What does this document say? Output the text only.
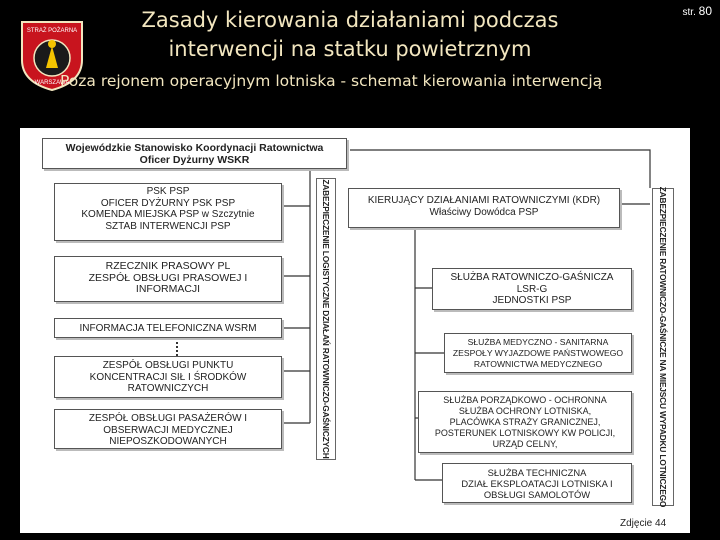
STRAŻ POŻARNA
WARSZAWA
Zasady kierowania działaniami podczas
interwencji na statku powietrznym
Poza rejonem operacyjnym lotniska - schemat kierowania interwencją
str. 80
Wojewódzkie Stanowisko Koordynacji Ratownictwa
Oficer Dyżurny WSKR
PSK PSP
OFICER DYŻURNY PSK PSP
KOMENDA MIEJSKA PSP w Szczytnie
SZTAB INTERWENCJI PSP
RZECZNIK PRASOWY PL
ZESPÓŁ OBSŁUGI PRASOWEJ I
INFORMACJI
INFORMACJA TELEFONICZNA WSRM
ZESPÓŁ OBSŁUGI PUNKTU
KONCENTRACJI SIŁ I ŚRODKÓW
RATOWNICZYCH
ZESPÓŁ OBSŁUGI PASAŻERÓW I
OBSERWACJI MEDYCZNEJ
NIEPOSZKODOWANYCH	ZABEZPIECZENIE LOGISTYCZNE DZIAŁAŃ RATOWNICZO-GAŚNICZYCH	KIERUJĄCY DZIAŁANIAMI RATOWNICZYMI (KDR)
Właściwy Dowódca PSP
SŁUŻBA RATOWNICZO-GAŚNICZA
LSR-G
JEDNOSTKI PSP
SŁUŻBA MEDYCZNO - SANITARNA
ZESPOŁY WYJAZDOWE PAŃSTWOWEGO
RATOWNICTWA MEDYCZNEGO
SŁUŻBA PORZĄDKOWO - OCHRONNA
SŁUŻBA OCHRONY LOTNISKA,
PLACÓWKA STRAŻY GRANICZNEJ,
POSTERUNEK LOTNISKOWY KW POLICJI,
URZĄD CELNY,
SŁUŻBA TECHNICZNA
DZIAŁ EKSPLOATACJI LOTNISKA I
OBSŁUGI SAMOLOTÓW	ZABEZPIECZENIE RATOWNICZO-GAŚNICZE NA MIEJSCU WYPADKU LOTNICZEGO
Zdjęcie 44
